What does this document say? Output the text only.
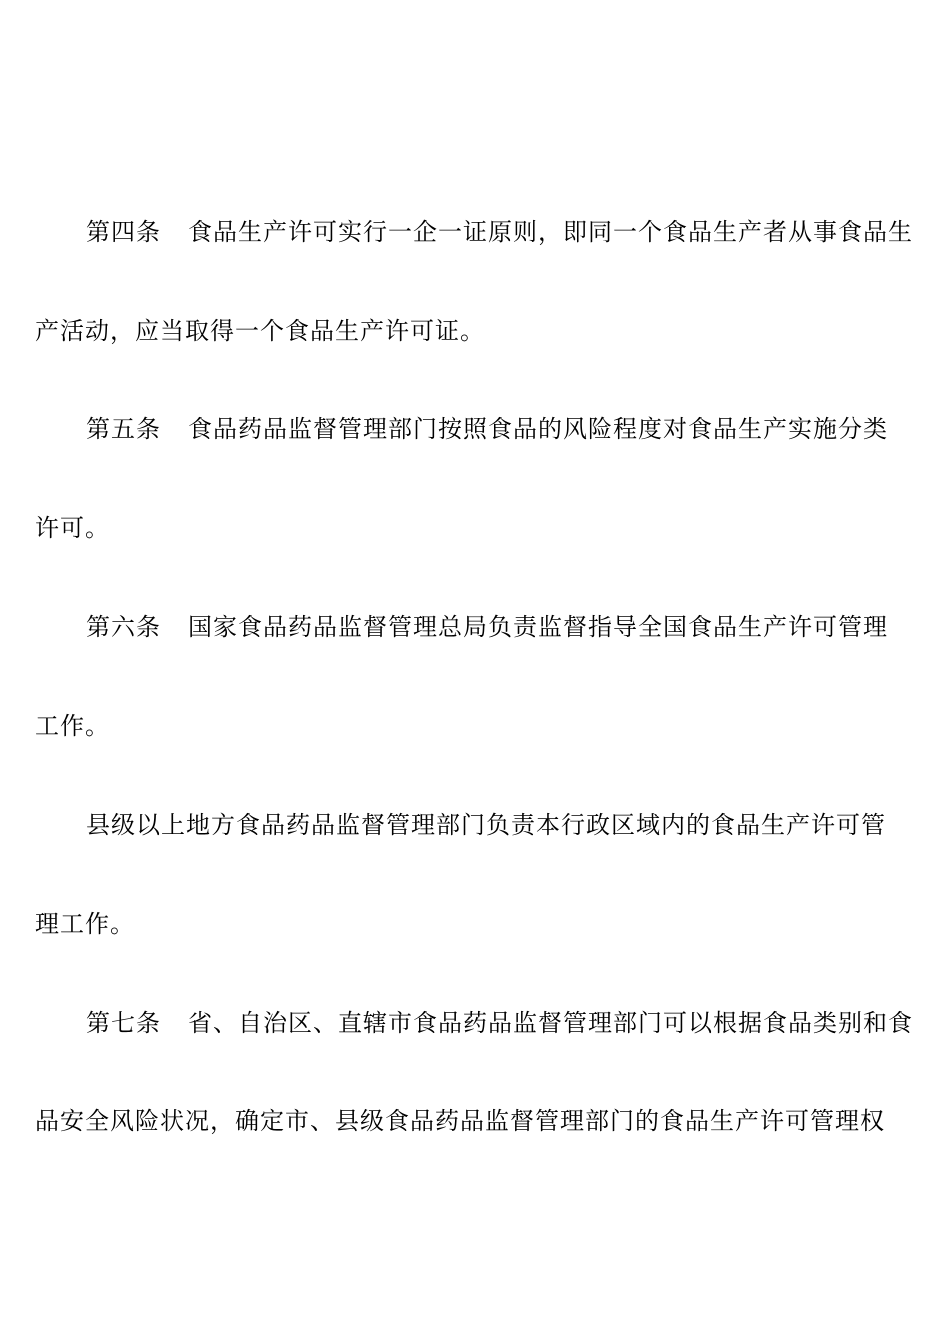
第四条 食品生产许可实行一企一证原则，即同一个食品生产者从事食品生
产活动，应当取得一个食品生产许可证。
第五条 食品药品监督管理部门按照食品的风险程度对食品生产实施分类
许可。
第六条 国家食品药品监督管理总局负责监督指导全国食品生产许可管理
工作。
县级以上地方食品药品监督管理部门负责本行政区域内的食品生产许可管
理工作。
第七条 省、自治区、直辖市食品药品监督管理部门可以根据食品类别和食
品安全风险状况，确定市、县级食品药品监督管理部门的食品生产许可管理权
